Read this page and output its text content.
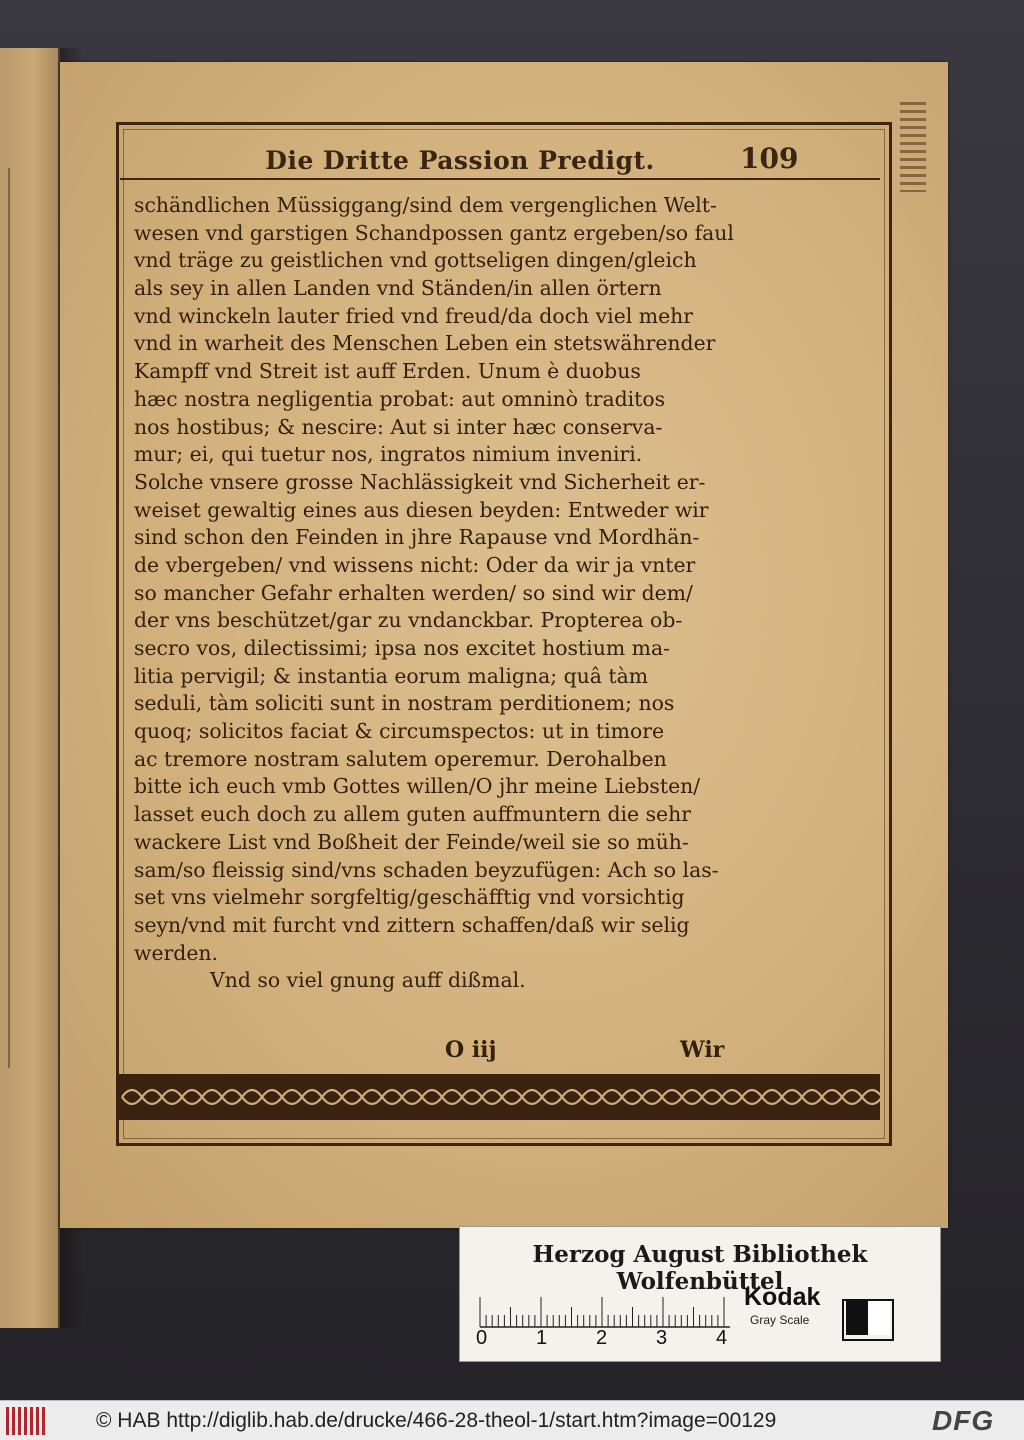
Die Dritte Passion Predigt.	109
schändlichen Müssiggang/sind dem vergenglichen Welt-
wesen vnd garstigen Schandpossen gantz ergeben/so faul
vnd träge zu geistlichen vnd gottseligen dingen/gleich
als sey in allen Landen vnd Ständen/in allen örtern
vnd winckeln lauter fried vnd freud/da doch viel mehr
vnd in warheit des Menschen Leben ein stetswährender
Kampff vnd Streit ist auff Erden. Unum è duobus
hæc nostra negligentia probat: aut omninò traditos
nos hostibus; & nescire: Aut si inter hæc conserva-
mur; ei, qui tuetur nos, ingratos nimium inveniri.
Solche vnsere grosse Nachlässigkeit vnd Sicherheit er-
weiset gewaltig eines aus diesen beyden: Entweder wir
sind schon den Feinden in jhre Rapause vnd Mordhän-
de vbergeben/ vnd wissens nicht: Oder da wir ja vnter
so mancher Gefahr erhalten werden/ so sind wir dem/
der vns beschützet/gar zu vndanckbar. Propterea ob-
secro vos, dilectissimi; ipsa nos excitet hostium ma-
litia pervigil; & instantia eorum maligna; quâ tàm
seduli, tàm soliciti sunt in nostram perditionem; nos
quoq; solicitos faciat & circumspectos: ut in timore
ac tremore nostram salutem operemur. Derohalben
bitte ich euch vmb Gottes willen/O jhr meine Liebsten/
lasset euch doch zu allem guten auffmuntern die sehr
wackere List vnd Boßheit der Feinde/weil sie so müh-
sam/so fleissig sind/vns schaden beyzufügen: Ach so las-
set vns vielmehr sorgfeltig/geschäfftig vnd vorsichtig
seyn/vnd mit furcht vnd zittern schaffen/daß wir selig
werden.
Vnd so viel gnung auff dißmal.
O iij	Wir
Herzog August Bibliothek Wolfenbüttel
0 1 2 3 4
Kodak
Gray Scale
© HAB http://diglib.hab.de/drucke/466-28-theol-1/start.htm?image=00129	DFG
